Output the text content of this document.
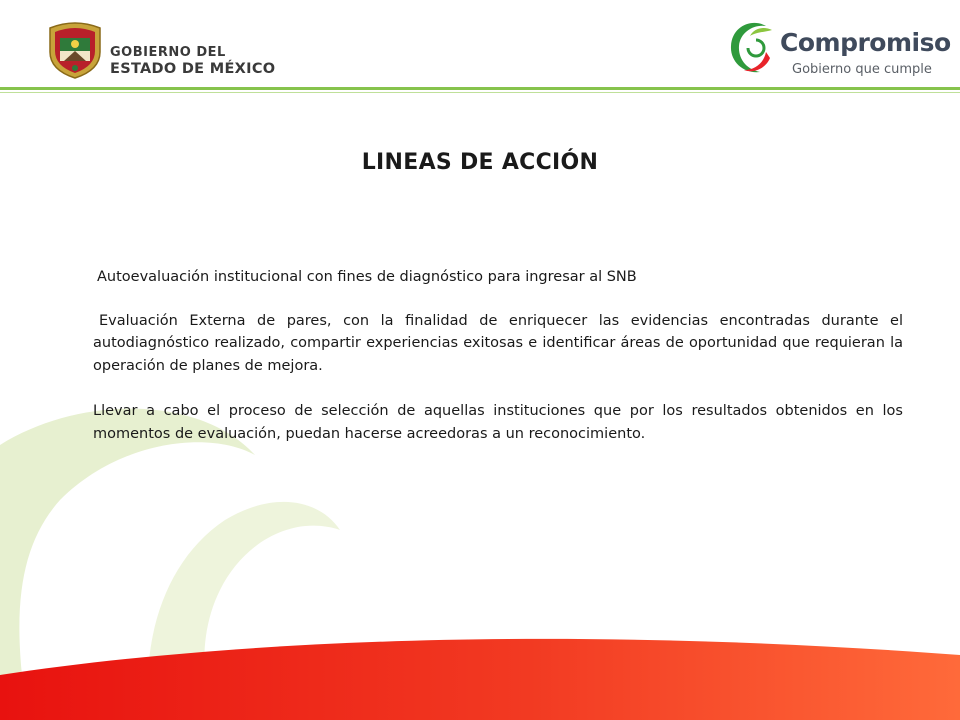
GOBIERNO DEL
ESTADO DE MÉXICO
Compromiso
Gobierno que cumple
LINEAS DE ACCIÓN

Autoevaluación institucional con fines de diagnóstico para ingresar al SNB

Evaluación Externa de pares, con la finalidad de enriquecer las evidencias encontradas durante el autodiagnóstico realizado, compartir experiencias exitosas e identificar áreas de oportunidad que requieran la operación de planes de mejora.

Llevar a cabo el proceso de selección de aquellas instituciones que por los resultados obtenidos en los momentos de evaluación, puedan hacerse acreedoras a un reconocimiento.
